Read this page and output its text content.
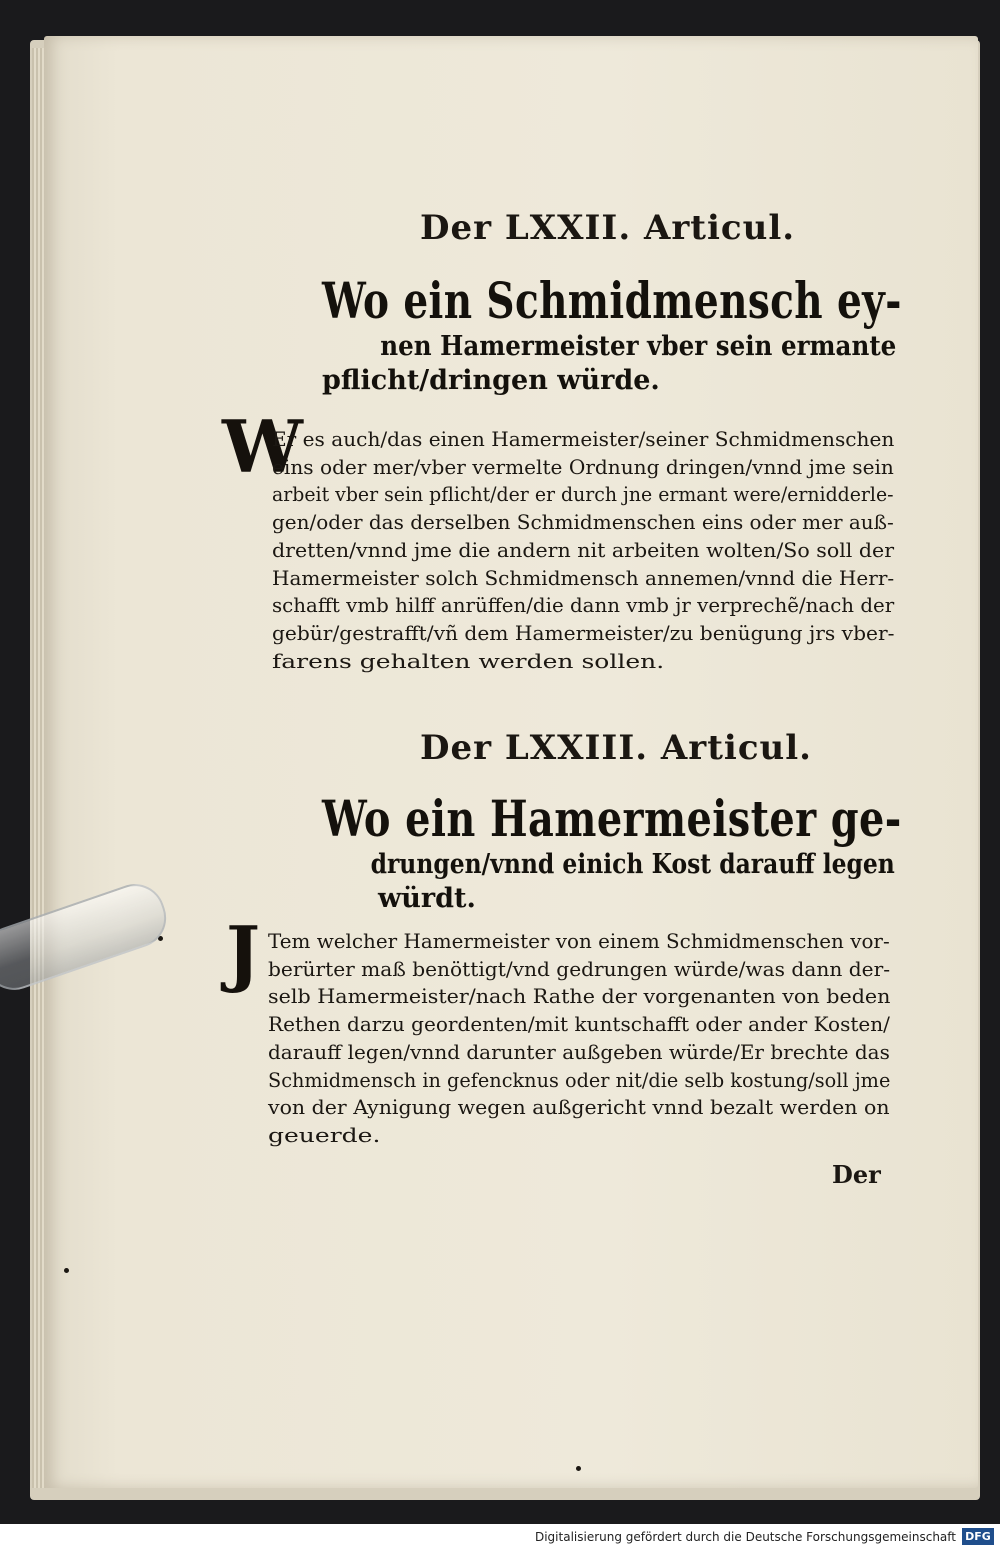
Der LXXII. Articul.
Wo ein Schmidmensch ey-
nen Hamermeister vber sein ermante
pflicht/dringen würde.
W
Er es auch/das einen Hamermeister/seiner Schmidmenschen
eins oder mer/vber vermelte Ordnung dringen/vnnd jme sein
arbeit vber sein pflicht/der er durch jne ermant were/ernidderle-
gen/oder das derselben Schmidmenschen eins oder mer auß-
dretten/vnnd jme die andern nit arbeiten wolten/So soll der
Hamermeister solch Schmidmensch annemen/vnnd die Herr-
schafft vmb hilff anrüffen/die dann vmb jr verprechẽ/nach der
gebür/gestrafft/vñ dem Hamermeister/zu benügung jrs vber-
farens gehalten werden sollen.
Der LXXIII. Articul.
Wo ein Hamermeister ge-
drungen/vnnd einich Kost darauff legen
würdt.
J Tem welcher Hamermeister von einem Schmidmenschen vor-
berürter maß benöttigt/vnd gedrungen würde/was dann der-
selb Hamermeister/nach Rathe der vorgenanten von beden
Rethen darzu geordenten/mit kuntschafft oder ander Kosten/
darauff legen/vnnd darunter außgeben würde/Er brechte das
Schmidmensch in gefencknus oder nit/die selb kostung/soll jme
von der Aynigung wegen außgericht vnnd bezalt werden on
geuerde.
Der
Digitalisierung gefördert durch die Deutsche Forschungsgemeinschaft DFG
